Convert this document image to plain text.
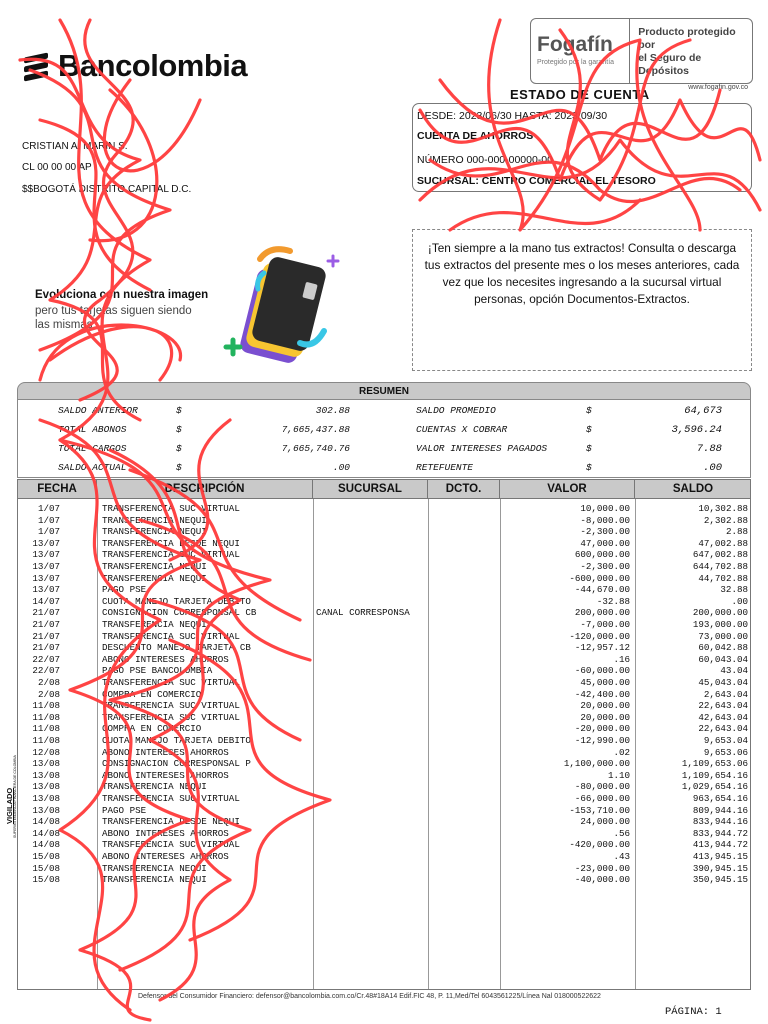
Bancolombia
Fogafín
Protegido por la garantía
Producto protegido por
el Seguro de Depósitos
www.fogafin.gov.co
ESTADO DE CUENTA
DESDE: 2023/06/30 HASTA: 2023/09/30
CUENTA DE AHORROS
NÚMERO 000-000-00000-00
SUCURSAL: CENTRO COMERCIAL EL TESORO
CRISTIAN A. MARIN S.
CL 00 00 00 AP
$$BOGOTÁ DISTRITO CAPITAL D.C.
Evoluciona con nuestra imagen
pero tus tarjetas siguen siendo las mismas
¡Ten siempre a la mano tus extractos! Consulta o descarga tus extractos del presente mes o los meses anteriores, cada vez que los necesites ingresando a la sucursal virtual personas, opción Documentos-Extractos.
RESUMEN
SALDO ANTERIOR	$	302.88
TOTAL ABONOS	$	7,665,437.88
TOTAL CARGOS	$	7,665,740.76
SALDO ACTUAL	$	.00
SALDO PROMEDIO	$	64,673
CUENTAS X COBRAR	$	3,596.24
VALOR INTERESES PAGADOS	$	7.88
RETEFUENTE	$	.00
FECHA	DESCRIPCIÓN	SUCURSAL	DCTO.	VALOR	SALDO
1/07	TRANSFERENCIA SUC VIRTUAL	10,000.00	10,302.88
1/07	TRANSFERENCIA NEQUI	-8,000.00	2,302.88
1/07	TRANSFERENCIA NEQUI	-2,300.00	2.88
13/07	TRANSFERENCIA DESDE NEQUI	47,000.00	47,002.88
13/07	TRANSFERENCIA SUC VIRTUAL	600,000.00	647,002.88
13/07	TRANSFERENCIA NEQUI	-2,300.00	644,702.88
13/07	TRANSFERENCIA NEQUI	-600,000.00	44,702.88
13/07	PAGO PSE	-44,670.00	32.88
14/07	CUOTA MANEJO TARJETA DEBITO	-32.88	.00
21/07	CONSIGNACION CORRESPONSAL CB	CANAL CORRESPONSA	200,000.00	200,000.00
21/07	TRANSFERENCIA NEQUI	-7,000.00	193,000.00
21/07	TRANSFERENCIA SUC VIRTUAL	-120,000.00	73,000.00
21/07	DESCUENTO MANEJO TARJETA CB	-12,957.12	60,042.88
22/07	ABONO INTERESES AHORROS	.16	60,043.04
22/07	PAGO PSE BANCOLOMBIA	-60,000.00	43.04
2/08	TRANSFERENCIA SUC VIRTUAL	45,000.00	45,043.04
2/08	COMPRA EN COMERCIO	-42,400.00	2,643.04
11/08	TRANSFERENCIA SUC VIRTUAL	20,000.00	22,643.04
11/08	TRANSFERENCIA SUC VIRTUAL	20,000.00	42,643.04
11/08	COMPRA EN COMERCIO	-20,000.00	22,643.04
11/08	CUOTA MANEJO TARJETA DEBITO	-12,990.00	9,653.04
12/08	ABONO INTERESES AHORROS	.02	9,653.06
13/08	CONSIGNACION CORRESPONSAL P	1,100,000.00	1,109,653.06
13/08	ABONO INTERESES AHORROS	1.10	1,109,654.16
13/08	TRANSFERENCIA NEQUI	-80,000.00	1,029,654.16
13/08	TRANSFERENCIA SUC VIRTUAL	-66,000.00	963,654.16
13/08	PAGO PSE	-153,710.00	809,944.16
14/08	TRANSFERENCIA DESDE NEQUI	24,000.00	833,944.16
14/08	ABONO INTERESES AHORROS	.56	833,944.72
14/08	TRANSFERENCIA SUC VIRTUAL	-420,000.00	413,944.72
15/08	ABONO INTERESES AHORROS	.43	413,945.15
15/08	TRANSFERENCIA NEQUI	-23,000.00	390,945.15
15/08	TRANSFERENCIA NEQUI	-40,000.00	350,945.15
VIGILADO SUPERINTENDENCIA FINANCIERA DE COLOMBIA
Defensor del Consumidor Financiero: defensor@bancolombia.com.co/Cr.48#18A14 Edif.FIC 48, P. 11,Med/Tel 6043561225/Línea Nal 018000522622
PÁGINA: 1
